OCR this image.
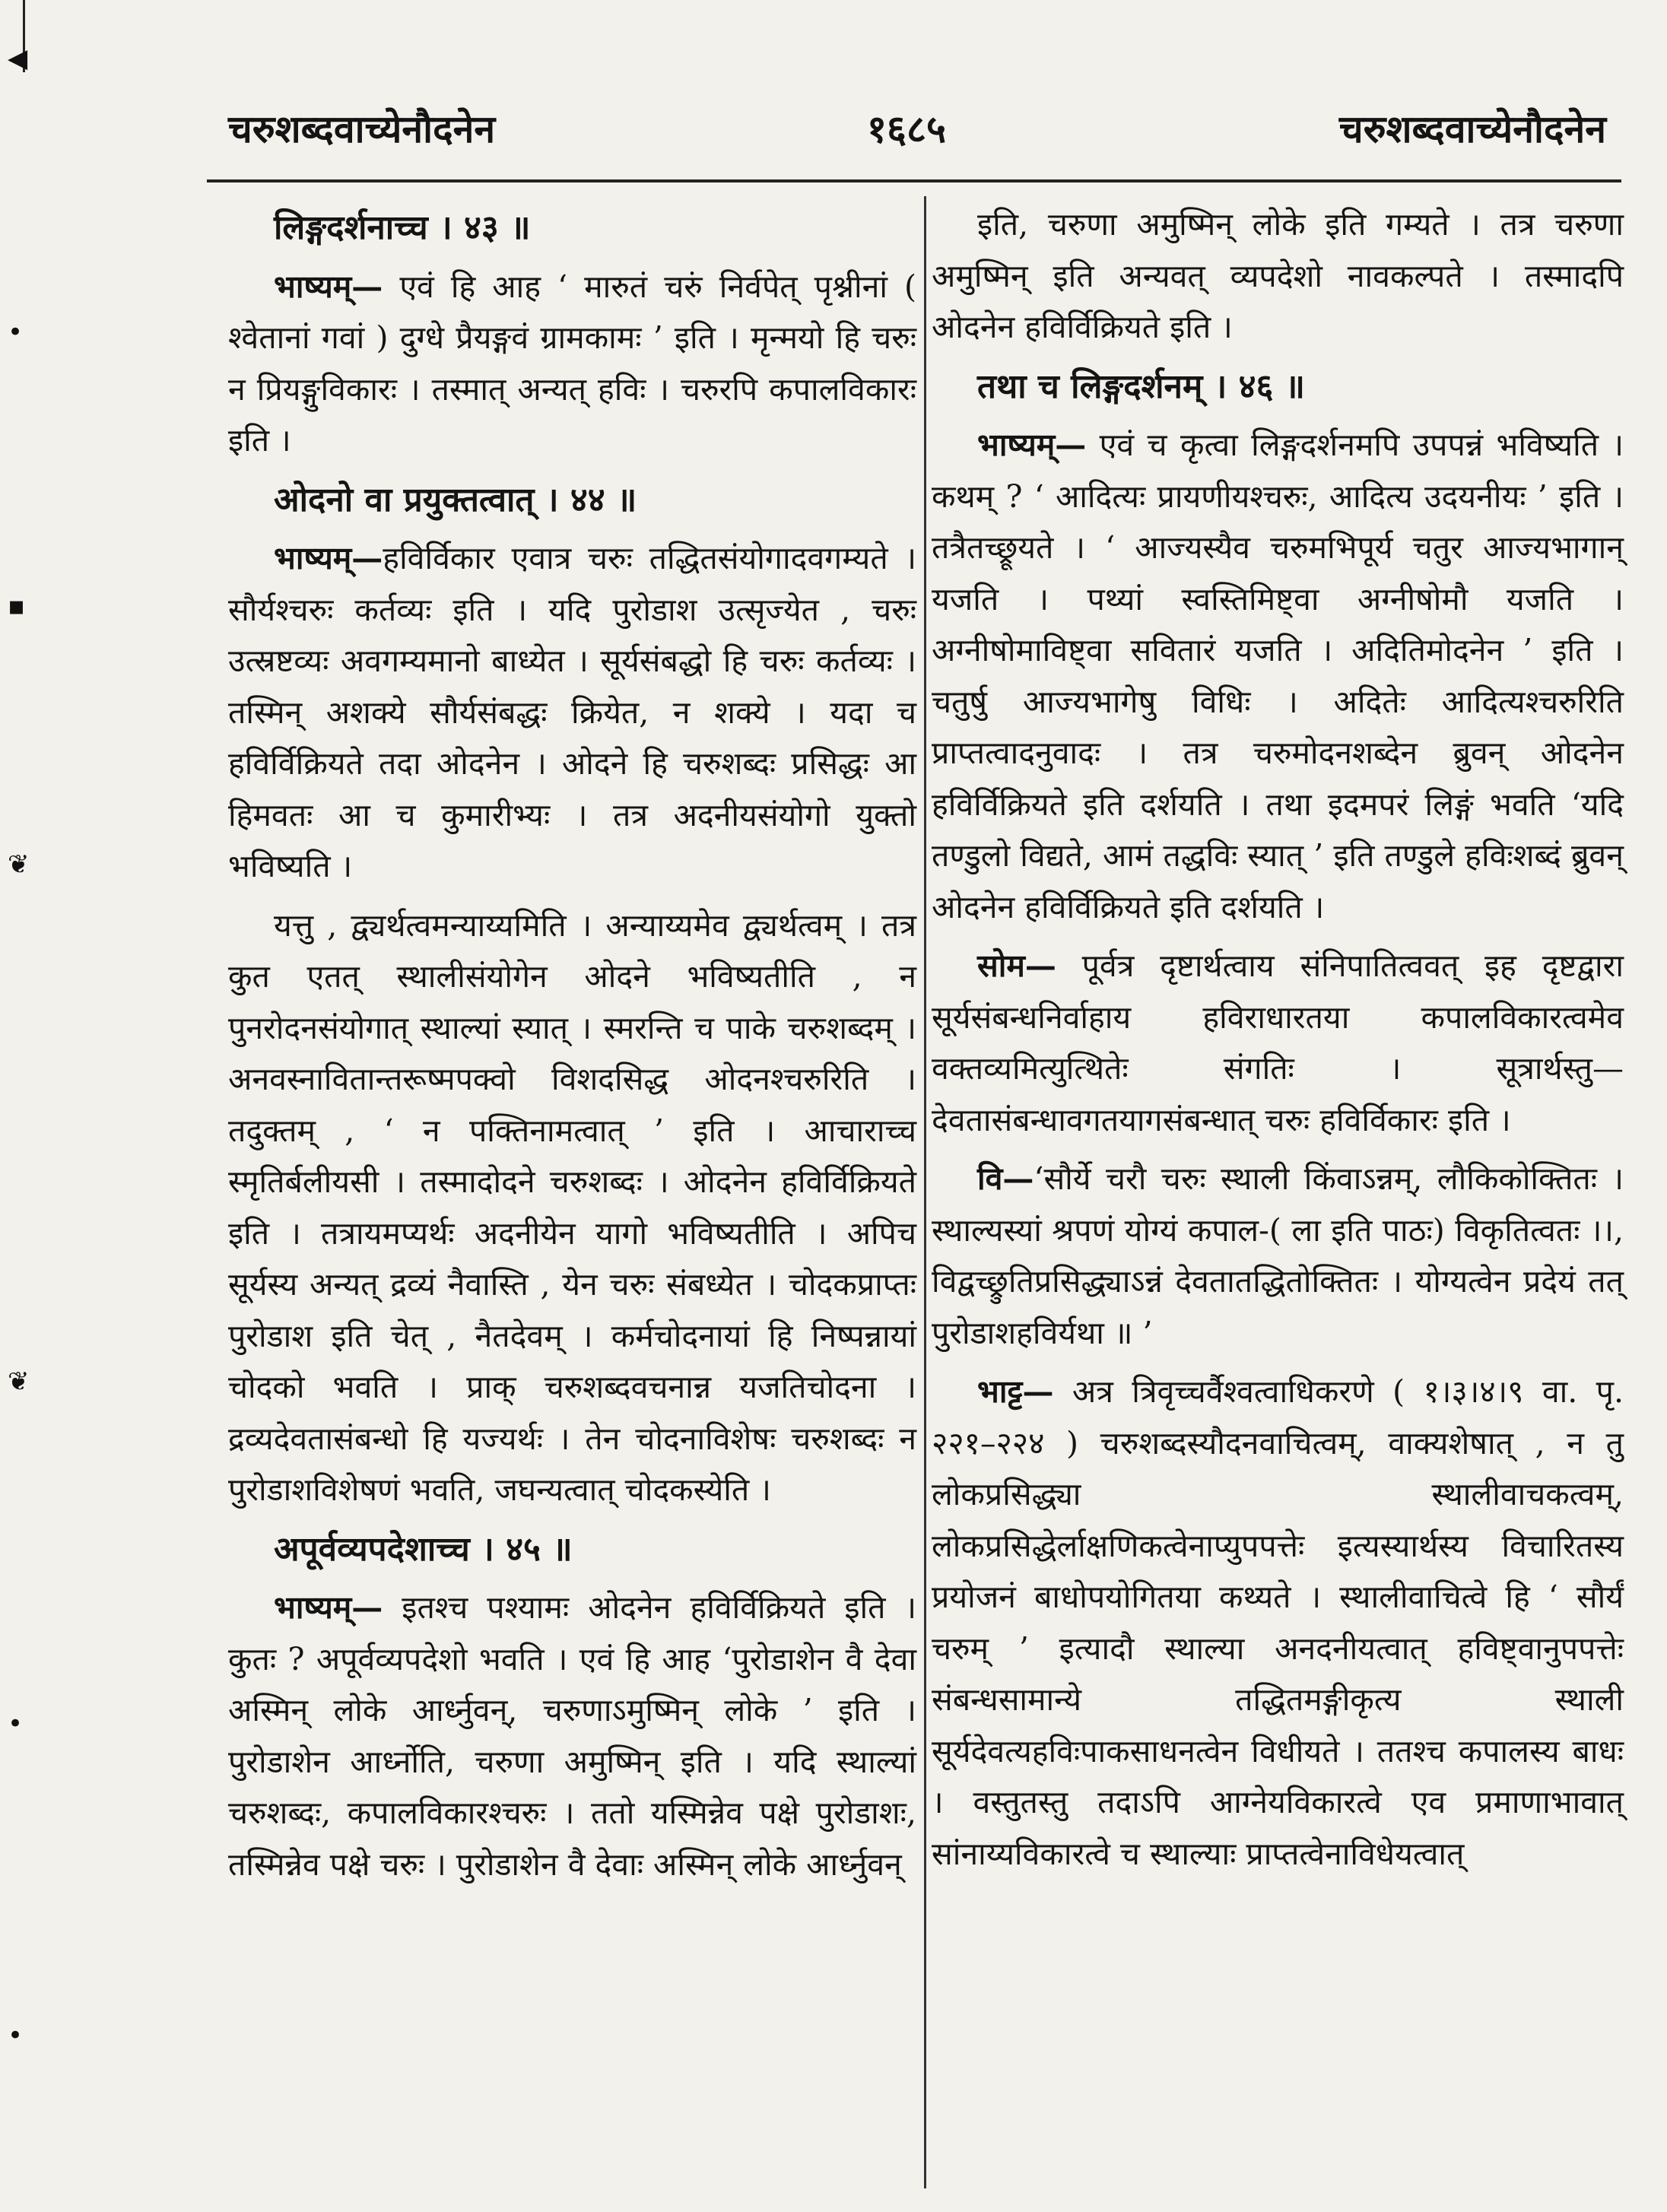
◀
•
▪
❦
❦
•
•
चरुशब्दवाच्येनौदनेन	१६८५	चरुशब्दवाच्येनौदनेन

लिङ्गदर्शनाच्च । ४३ ॥

भाष्यम्— एवं हि आह ‘ मारुतं चरुं निर्वपेत् पृश्नीनां ( श्वेतानां गवां ) दुग्धे प्रैयङ्गवं ग्रामकामः ’ इति । मृन्मयो हि चरुः न प्रियङ्गुविकारः । तस्मात् अन्यत् हविः । चरुरपि कपालविकारः इति ।

ओदनो वा प्रयुक्तत्वात् । ४४ ॥

भाष्यम्—हविर्विकार एवात्र चरुः तद्धितसंयोगादवगम्यते । सौर्यश्चरुः कर्तव्यः इति । यदि पुरोडाश उत्सृज्येत , चरुः उत्स्रष्टव्यः अवगम्यमानो बाध्येत । सूर्यसंबद्धो हि चरुः कर्तव्यः । तस्मिन् अशक्ये सौर्यसंबद्धः क्रियेत, न शक्ये । यदा च हविर्विक्रियते तदा ओदनेन । ओदने हि चरुशब्दः प्रसिद्धः आ हिमवतः आ च कुमारीभ्यः । तत्र अदनीयसंयोगो युक्तो भविष्यति ।

यत्तु , द्व्यर्थत्वमन्याय्यमिति । अन्याय्यमेव द्व्यर्थत्वम् । तत्र कुत एतत् स्थालीसंयोगेन ओदने भविष्यतीति , न पुनरोदनसंयोगात् स्थाल्यां स्यात् । स्मरन्ति च पाके चरुशब्दम् । अनवस्नावितान्तरूष्मपक्वो विशदसिद्ध ओदनश्चरुरिति । तदुक्तम् , ‘ न पक्तिनामत्वात् ’ इति । आचाराच्च स्मृतिर्बलीयसी । तस्मादोदने चरुशब्दः । ओदनेन हविर्विक्रियते इति । तत्रायमप्यर्थः अदनीयेन यागो भविष्यतीति । अपिच सूर्यस्य अन्यत् द्रव्यं नैवास्ति , येन चरुः संबध्येत । चोदकप्राप्तः पुरोडाश इति चेत् , नैतदेवम् । कर्मचोदनायां हि निष्पन्नायां चोदको भवति । प्राक् चरुशब्दवचनान्न यजतिचोदना । द्रव्यदेवतासंबन्धो हि यज्यर्थः । तेन चोदनाविशेषः चरुशब्दः न पुरोडाशविशेषणं भवति, जघन्यत्वात् चोदकस्येति ।

अपूर्वव्यपदेशाच्च । ४५ ॥

भाष्यम्— इतश्च पश्यामः ओदनेन हविर्विक्रियते इति । कुतः ? अपूर्वव्यपदेशो भवति । एवं हि आह ‘पुरोडाशेन वै देवा अस्मिन् लोके आर्ध्नुवन्, चरुणाऽमुष्मिन् लोके ’ इति । पुरोडाशेन आर्ध्नोति, चरुणा अमुष्मिन् इति । यदि स्थाल्यां चरुशब्दः, कपालविकारश्चरुः । ततो यस्मिन्नेव पक्षे पुरोडाशः, तस्मिन्नेव पक्षे चरुः । पुरोडाशेन वै देवाः अस्मिन् लोके आर्ध्नुवन्

इति, चरुणा अमुष्मिन् लोके इति गम्यते । तत्र चरुणा अमुष्मिन् इति अन्यवत् व्यपदेशो नावकल्पते । तस्मादपि ओदनेन हविर्विक्रियते इति ।

तथा च लिङ्गदर्शनम् । ४६ ॥

भाष्यम्— एवं च कृत्वा लिङ्गदर्शनमपि उपपन्नं भविष्यति । कथम् ? ‘ आदित्यः प्रायणीयश्चरुः, आदित्य उदयनीयः ’ इति । तत्रैतच्छ्रूयते । ‘ आज्यस्यैव चरुमभिपूर्य चतुर आज्यभागान् यजति । पथ्यां स्वस्तिमिष्ट्वा अग्नीषोमौ यजति । अग्नीषोमाविष्ट्वा सवितारं यजति । अदितिमोदनेन ’ इति । चतुर्षु आज्यभागेषु विधिः । अदितेः आदित्यश्चरुरिति प्राप्तत्वादनुवादः । तत्र चरुमोदनशब्देन ब्रुवन् ओदनेन हविर्विक्रियते इति दर्शयति । तथा इदमपरं लिङ्गं भवति ‘यदि तण्डुलो विद्यते, आमं तद्धविः स्यात् ’ इति तण्डुले हविःशब्दं ब्रुवन् ओदनेन हविर्विक्रियते इति दर्शयति ।

सोम— पूर्वत्र दृष्टार्थत्वाय संनिपातित्ववत् इह दृष्टद्वारा सूर्यसंबन्धनिर्वाहाय हविराधारतया कपालविकारत्वमेव वक्तव्यमित्युत्थितेः संगतिः । सूत्रार्थस्तु— देवतासंबन्धावगतयागसंबन्धात् चरुः हविर्विकारः इति ।

वि—‘सौर्ये चरौ चरुः स्थाली किंवाऽन्नम्, लौकिकोक्तितः । स्थाल्यस्यां श्रपणं योग्यं कपाल-( ला इति पाठः) विकृतित्वतः ।।, विद्वच्छ्रुतिप्रसिद्ध्याऽन्नं देवतातद्धितोक्तितः । योग्यत्वेन प्रदेयं तत् पुरोडाशहविर्यथा ॥ ’

भाट्ट— अत्र त्रिवृच्चर्वैश्वत्वाधिकरणे ( १।३।४।९ वा. पृ. २२१–२२४ ) चरुशब्दस्यौदनवाचित्वम्, वाक्यशेषात् , न तु लोकप्रसिद्ध्या स्थालीवाचकत्वम्, लोकप्रसिद्धेर्लाक्षणिकत्वेनाप्युपपत्तेः इत्यस्यार्थस्य विचारितस्य प्रयोजनं बाधोपयोगितया कथ्यते । स्थालीवाचित्वे हि ‘ सौर्यं चरुम् ’ इत्यादौ स्थाल्या अनदनीयत्वात् हविष्ट्वानुपपत्तेः संबन्धसामान्ये तद्धितमङ्गीकृत्य स्थाली सूर्यदेवत्यहविःपाकसाधनत्वेन विधीयते । ततश्च कपालस्य बाधः । वस्तुतस्तु तदाऽपि आग्नेयविकारत्वे एव प्रमाणाभावात् सांनाय्यविकारत्वे च स्थाल्याः प्राप्तत्वेनाविधेयत्वात्
